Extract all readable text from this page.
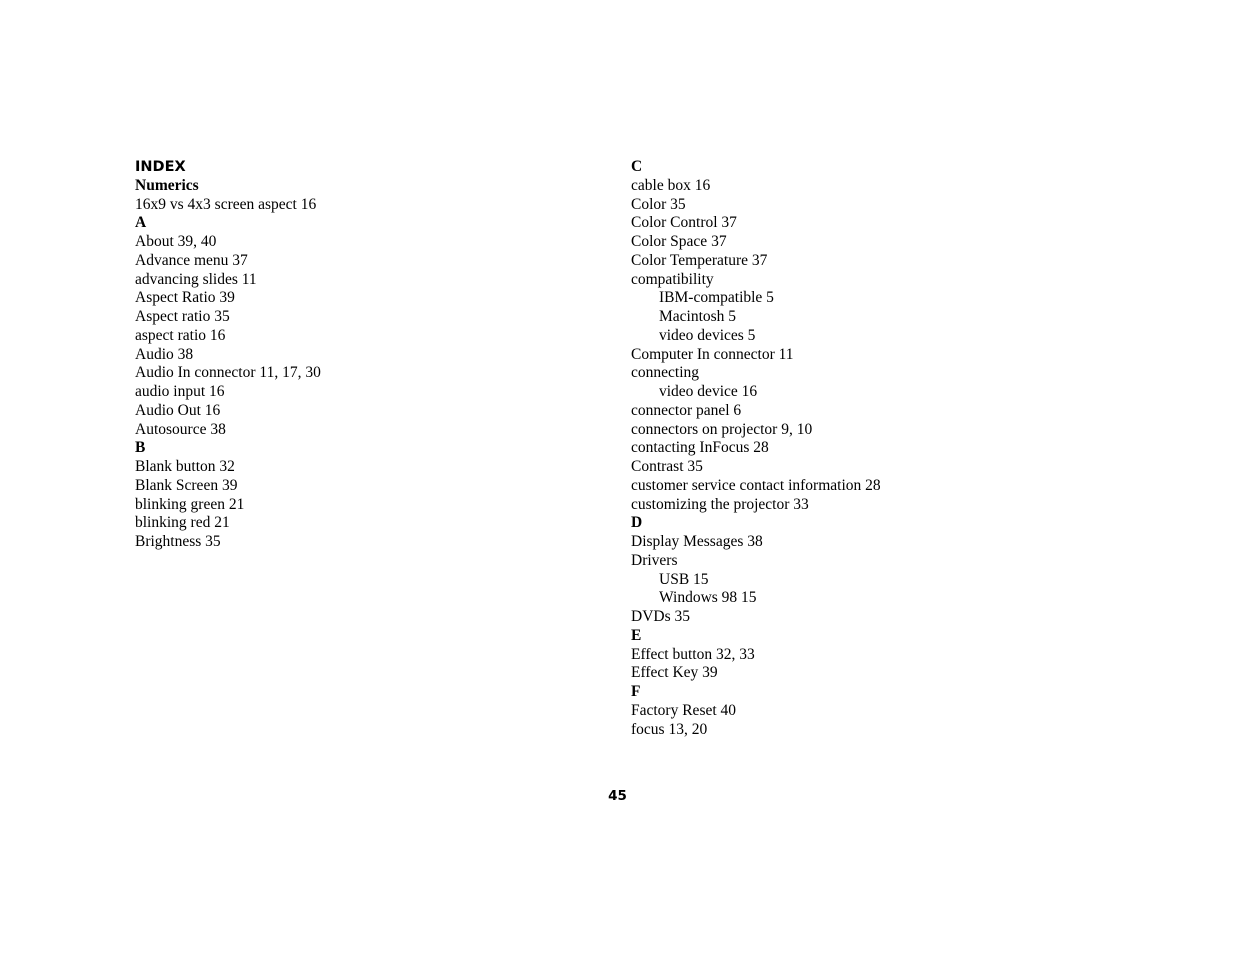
INDEX
Numerics
16x9 vs 4x3 screen aspect 16
A
About 39, 40
Advance menu 37
advancing slides 11
Aspect Ratio 39
Aspect ratio 35
aspect ratio 16
Audio 38
Audio In connector 11, 17, 30
audio input 16
Audio Out 16
Autosource 38
B
Blank button 32
Blank Screen 39
blinking green 21
blinking red 21
Brightness 35
C
cable box 16
Color 35
Color Control 37
Color Space 37
Color Temperature 37
compatibility
IBM-compatible 5
Macintosh 5
video devices 5
Computer In connector 11
connecting
video device 16
connector panel 6
connectors on projector 9, 10
contacting InFocus 28
Contrast 35
customer service contact information 28
customizing the projector 33
D
Display Messages 38
Drivers
USB 15
Windows 98 15
DVDs 35
E
Effect button 32, 33
Effect Key 39
F
Factory Reset 40
focus 13, 20
45
